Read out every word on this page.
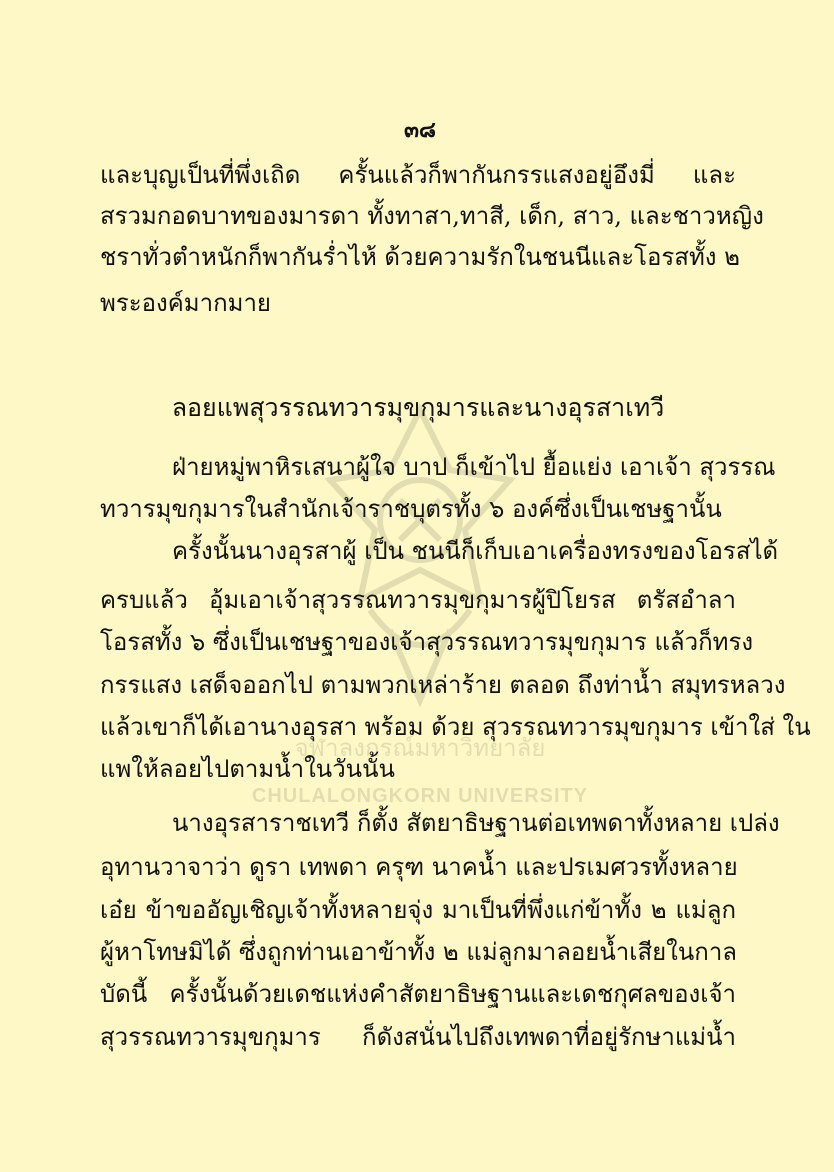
จุฬาลงกรณ์มหาวิทยาลัย
CHULALONGKORN UNIVERSITY
๓๘
และบุญเป็นที่พึ่งเถิด ครั้นแล้วก็พากันกรรแสงอยู่อึงมี่ และ
สรวมกอดบาทของมารดา ทั้งทาสา,ทาสี, เด็ก, สาว, และชาวหญิง
ชราทั่วตำหนักก็พากันร่ำไห้ ด้วยความรักในชนนีและโอรสทั้ง ๒
พระองค์มากมาย
ลอยแพสุวรรณทวารมุขกุมารและนางอุรสาเทวี
ฝ่ายหมู่พาหิรเสนาผู้ใจ บาป ก็เข้าไป ยื้อแย่ง เอาเจ้า สุวรรณ
ทวารมุขกุมารในสำนักเจ้าราชบุตรทั้ง ๖ องค์ซึ่งเป็นเชษฐานั้น
ครั้งนั้นนางอุรสาผู้ เป็น ชนนีก็เก็บเอาเครื่องทรงของโอรสได้
ครบแล้ว อุ้มเอาเจ้าสุวรรณทวารมุขกุมารผู้ปิโยรส ตรัสอำลา
โอรสทั้ง ๖ ซึ่งเป็นเชษฐาของเจ้าสุวรรณทวารมุขกุมาร แล้วก็ทรง
กรรแสง เสด็จออกไป ตามพวกเหล่าร้าย ตลอด ถึงท่าน้ำ สมุทรหลวง
แล้วเขาก็ได้เอานางอุรสา พร้อม ด้วย สุวรรณทวารมุขกุมาร เข้าใส่ ใน
แพให้ลอยไปตามน้ำในวันนั้น
นางอุรสาราชเทวี ก็ตั้ง สัตยาธิษฐานต่อเทพดาทั้งหลาย เปล่ง
อุทานวาจาว่า ดูรา เทพดา ครุฑ นาคน้ำ และปรเมศวรทั้งหลาย
เอ๋ย ข้าขออัญเชิญเจ้าทั้งหลายจุ่ง มาเป็นที่พึ่งแก่ข้าทั้ง ๒ แม่ลูก
ผู้หาโทษมิได้ ซึ่งถูกท่านเอาข้าทั้ง ๒ แม่ลูกมาลอยน้ำเสียในกาล
บัดนี้ ครั้งนั้นด้วยเดชแห่งคำสัตยาธิษฐานและเดชกุศลของเจ้า
สุวรรณทวารมุขกุมาร ก็ดังสนั่นไปถึงเทพดาที่อยู่รักษาแม่น้ำ
